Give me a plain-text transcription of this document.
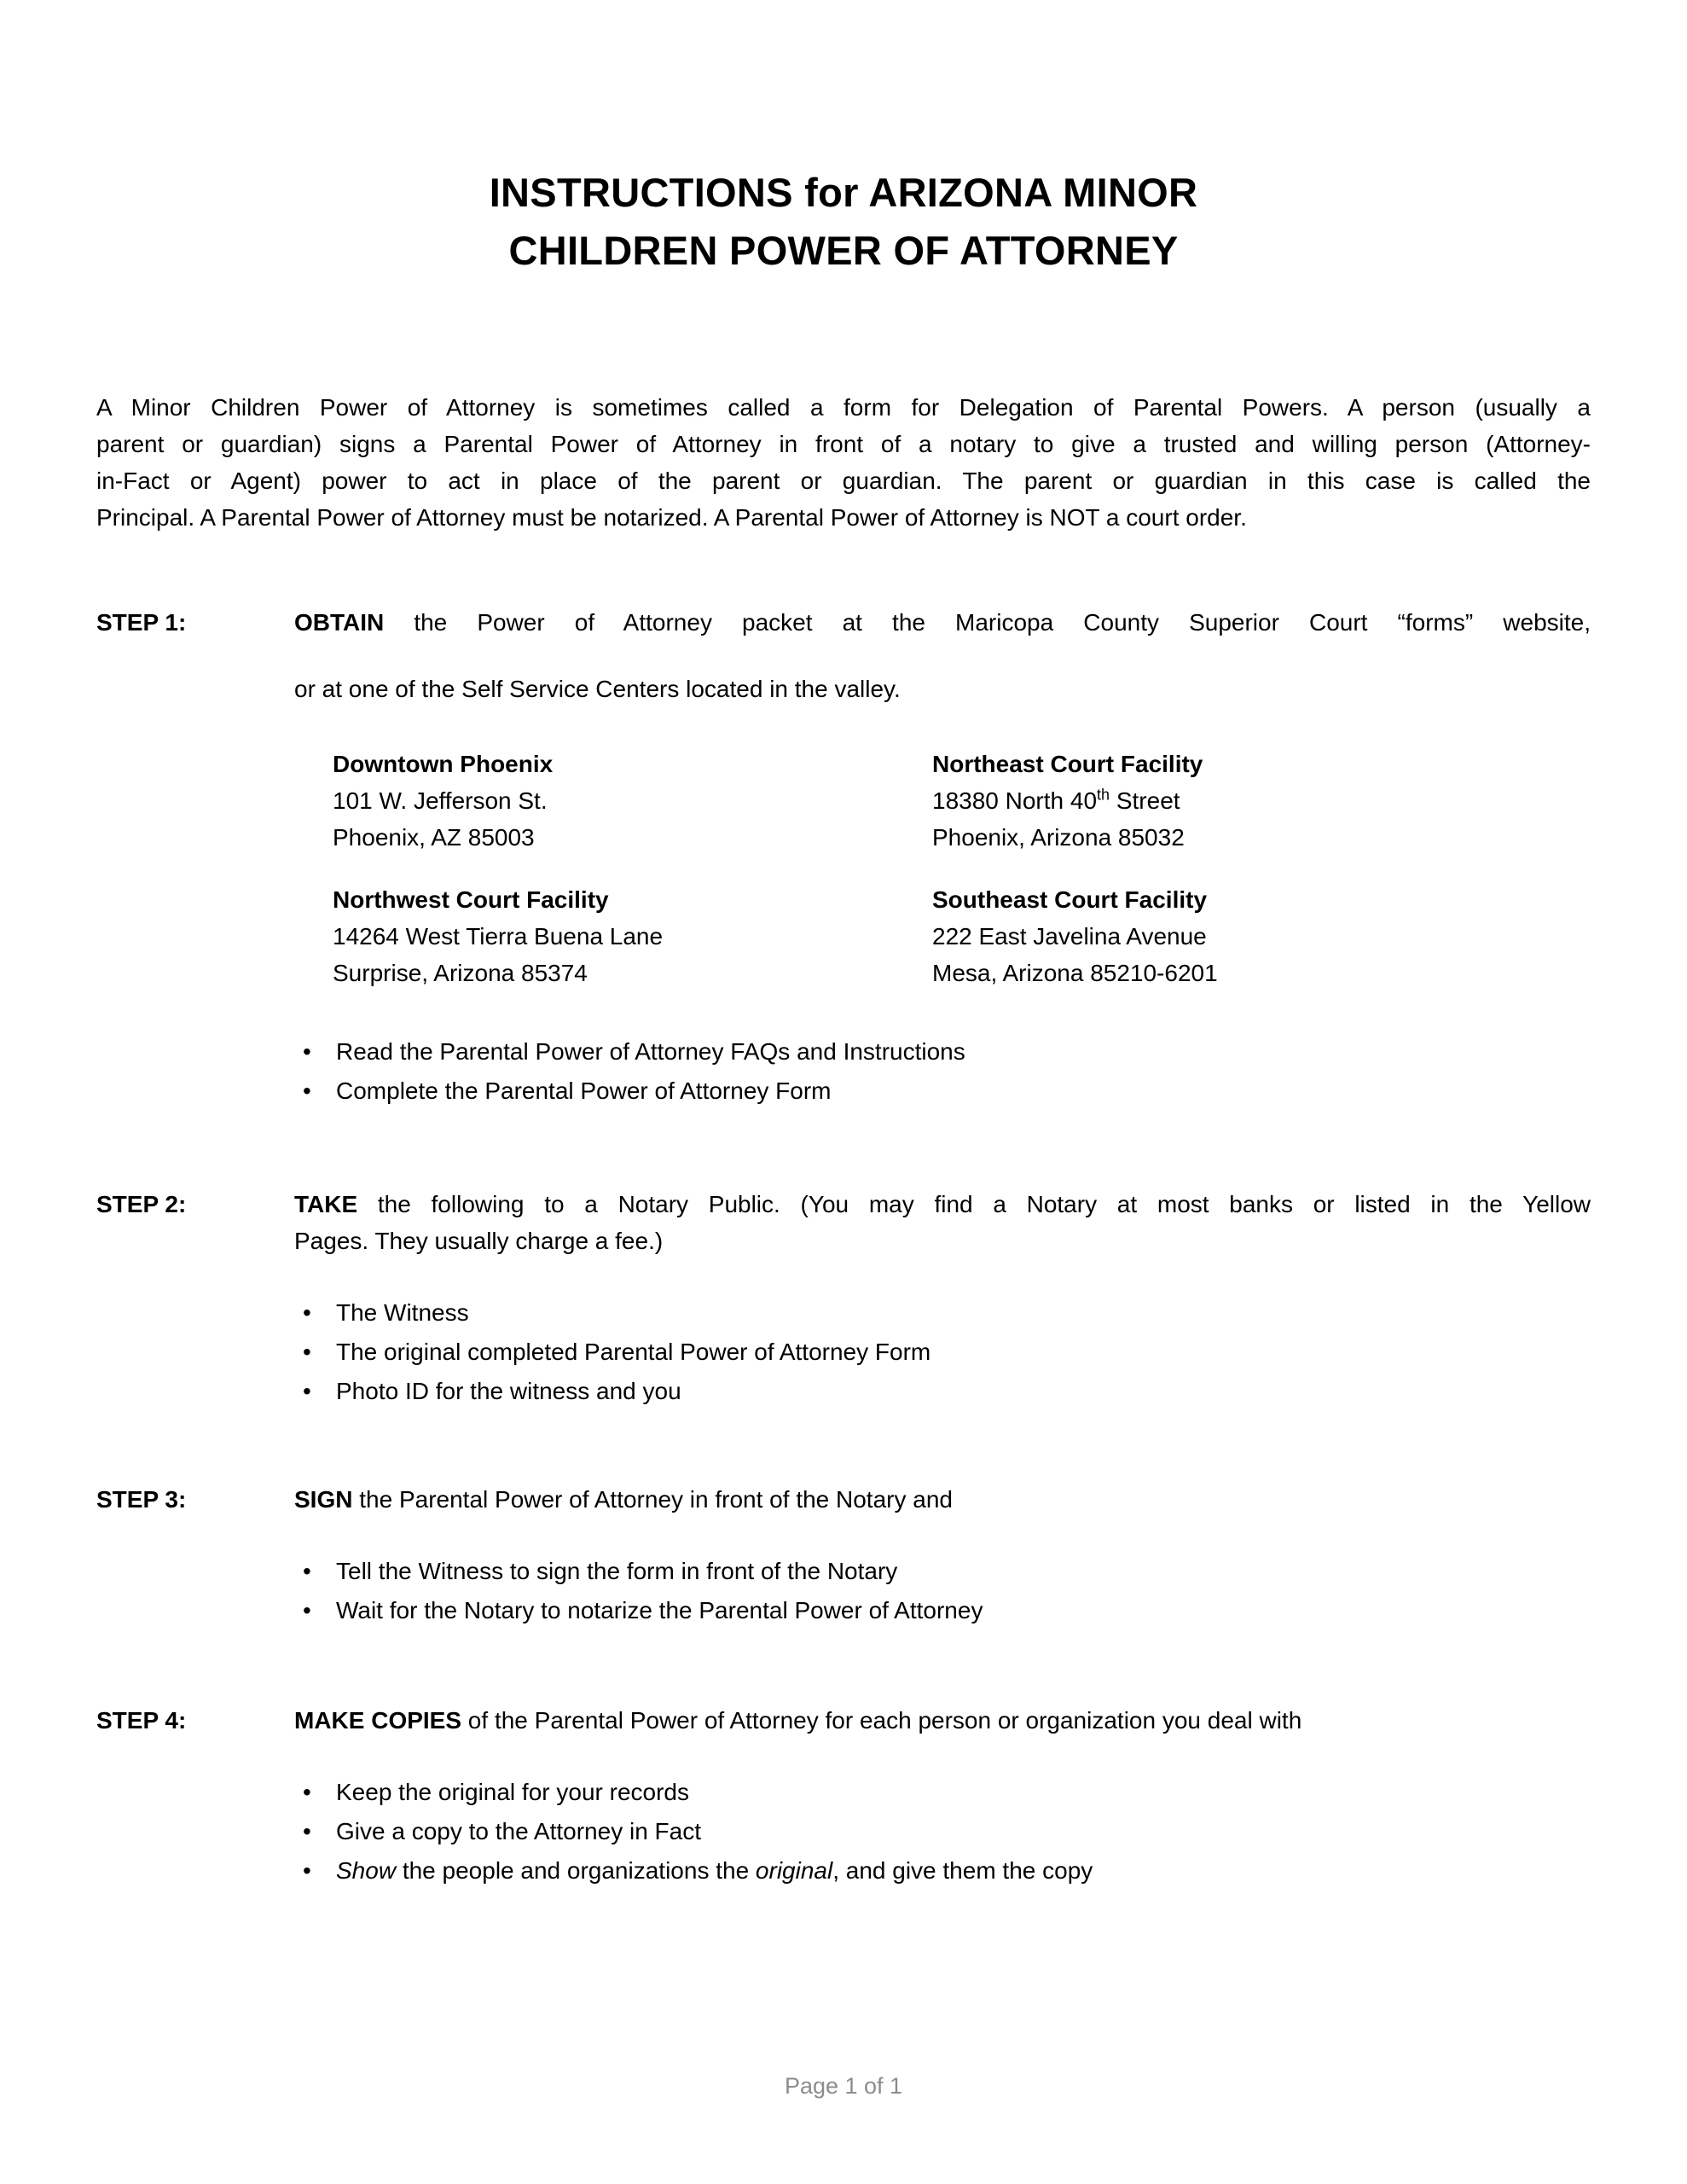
INSTRUCTIONS for ARIZONA MINOR
CHILDREN POWER OF ATTORNEY
A Minor Children Power of Attorney is sometimes called a form for Delegation of Parental Powers. A person (usually a
parent or guardian) signs a Parental Power of Attorney in front of a notary to give a trusted and willing person (Attorney-
in-Fact or Agent) power to act in place of the parent or guardian. The parent or guardian in this case is called the
Principal. A Parental Power of Attorney must be notarized. A Parental Power of Attorney is NOT a court order.
STEP 1:	OBTAIN the Power of Attorney packet at the Maricopa County Superior Court “forms” website,
or at one of the Self Service Centers located in the valley.
Downtown Phoenix
101 W. Jefferson St.
Phoenix, AZ 85003
Northeast Court Facility
18380 North 40th Street
Phoenix, Arizona 85032
Northwest Court Facility
14264 West Tierra Buena Lane
Surprise, Arizona 85374
Southeast Court Facility
222 East Javelina Avenue
Mesa, Arizona 85210-6201
• Read the Parental Power of Attorney FAQs and Instructions
• Complete the Parental Power of Attorney Form
STEP 2:	TAKE the following to a Notary Public. (You may find a Notary at most banks or listed in the Yellow
Pages. They usually charge a fee.)
• The Witness
• The original completed Parental Power of Attorney Form
• Photo ID for the witness and you
STEP 3:	SIGN the Parental Power of Attorney in front of the Notary and
• Tell the Witness to sign the form in front of the Notary
• Wait for the Notary to notarize the Parental Power of Attorney
STEP 4:	MAKE COPIES of the Parental Power of Attorney for each person or organization you deal with
• Keep the original for your records
• Give a copy to the Attorney in Fact
• Show the people and organizations the original, and give them the copy
Page 1 of 1
